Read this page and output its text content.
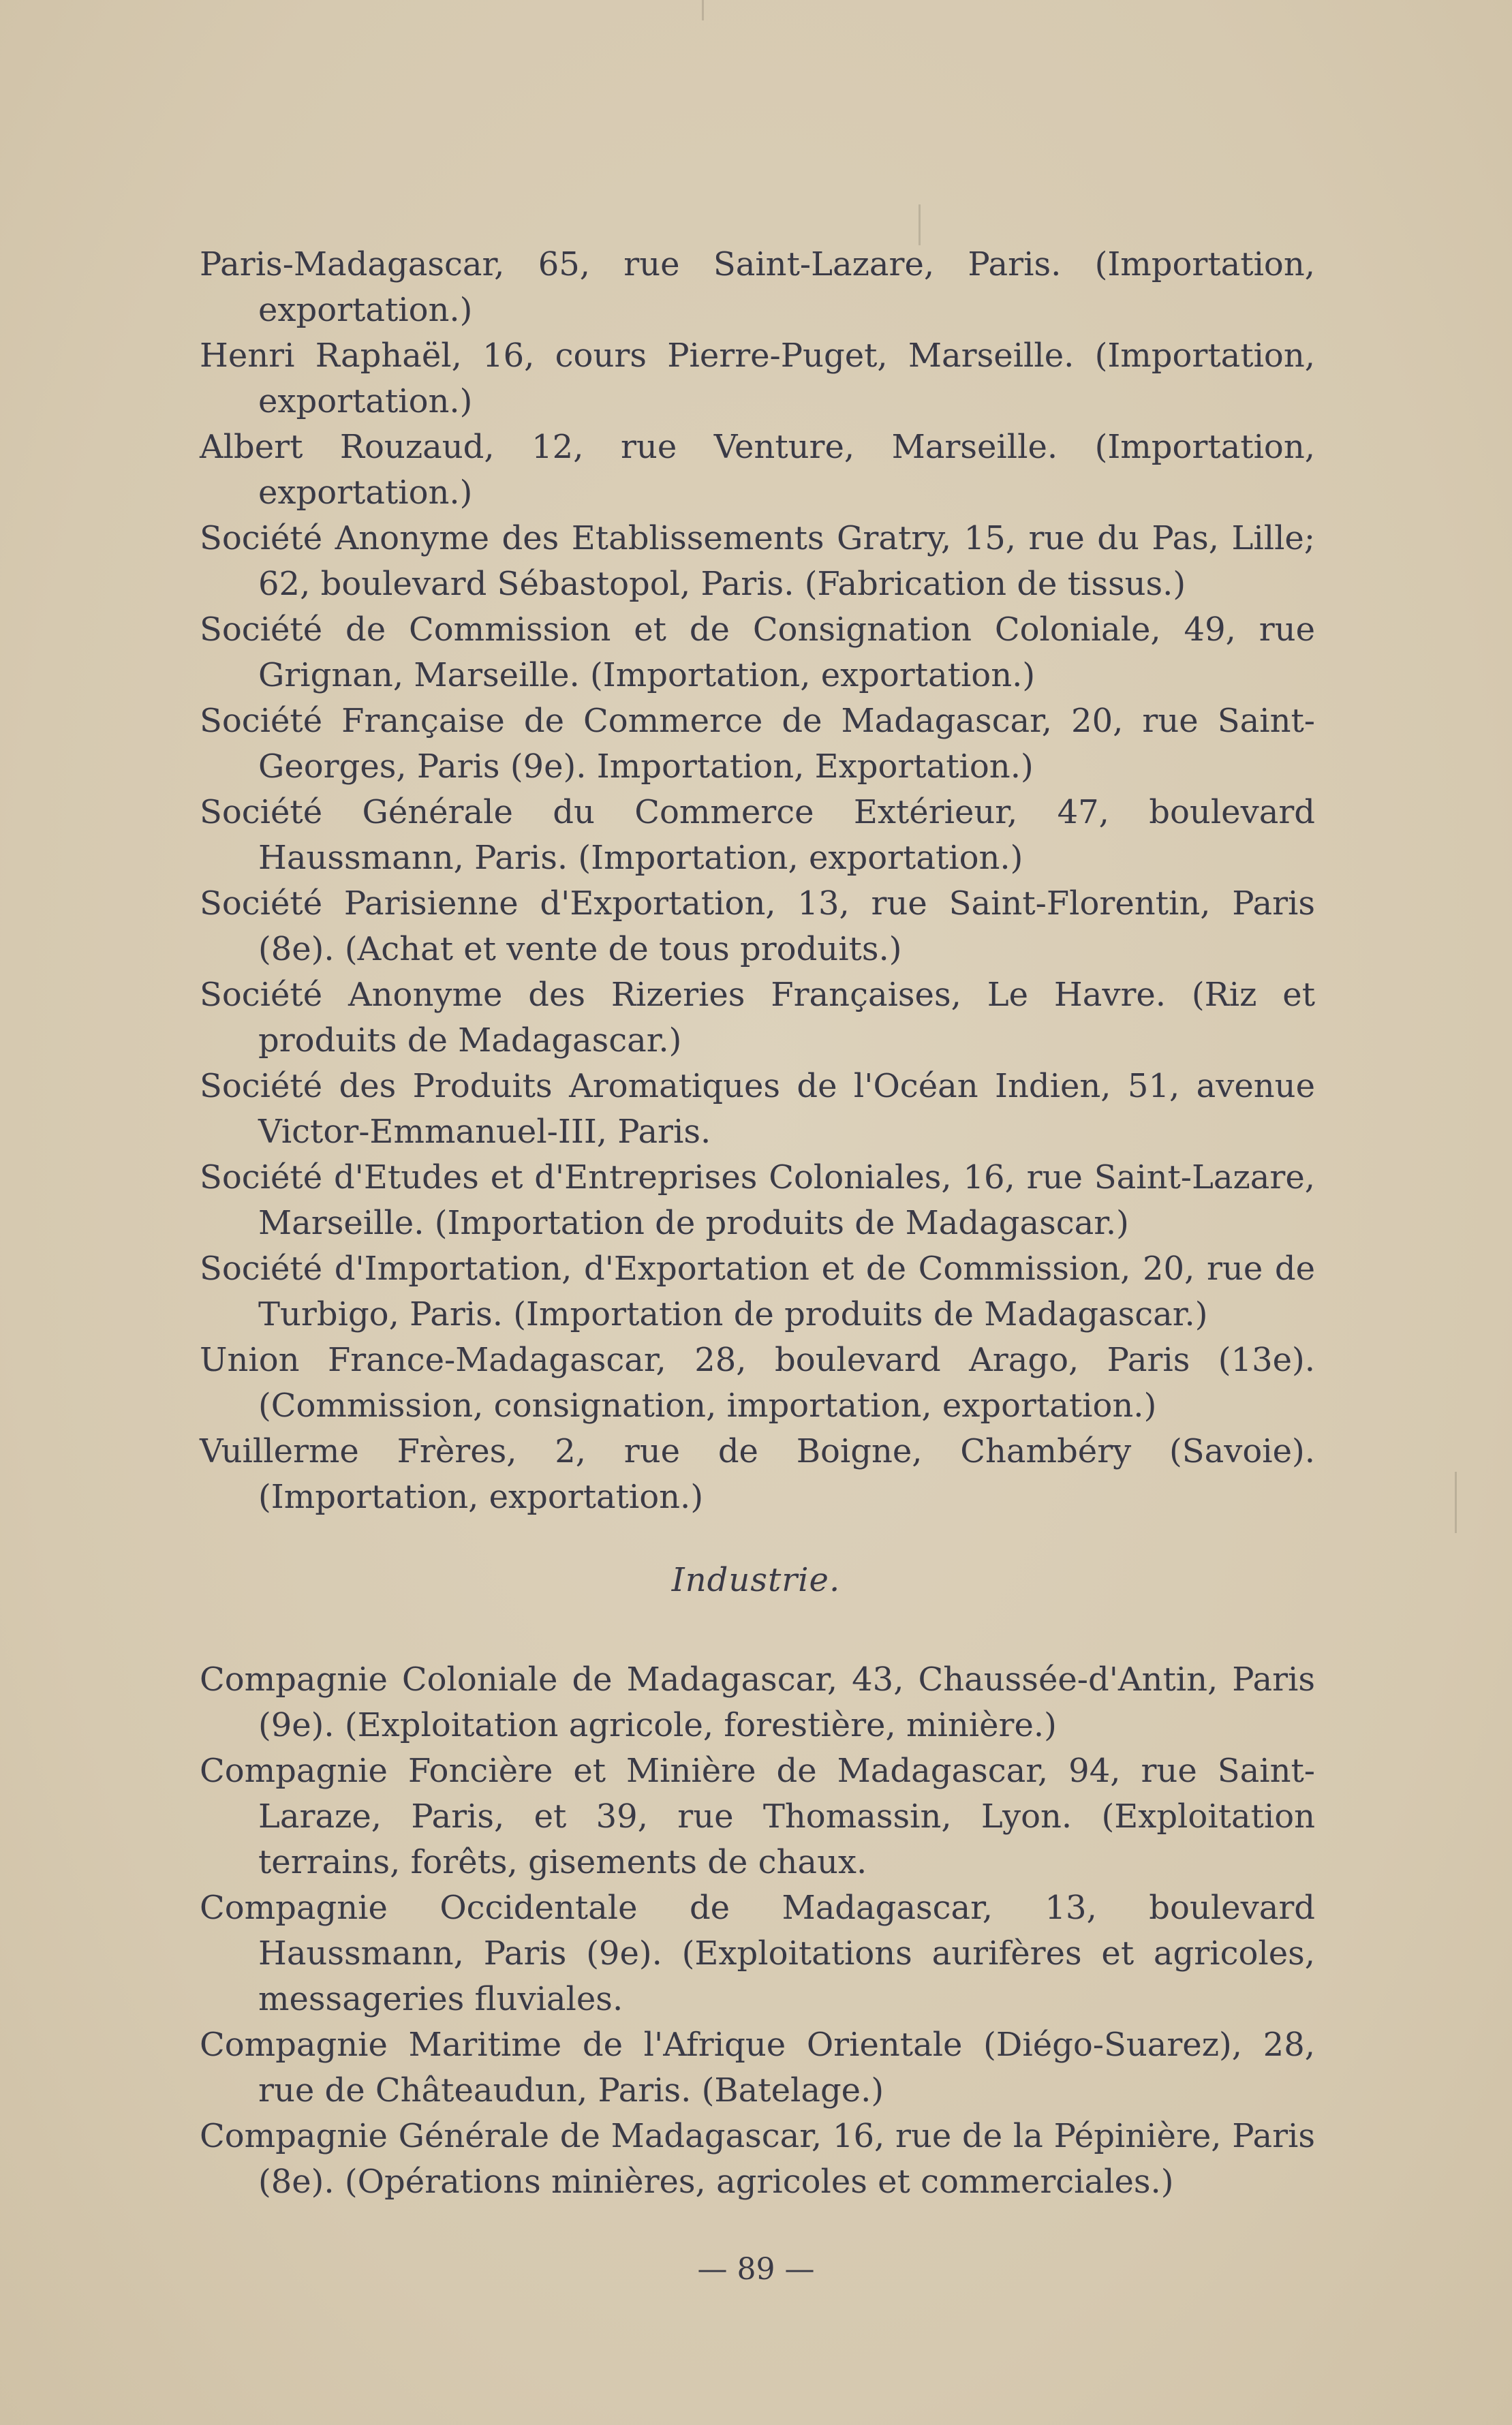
Paris-Madagascar, 65, rue Saint-Lazare, Paris. (Importation, exportation.)

Henri Raphaël, 16, cours Pierre-Puget, Marseille. (Importation, exportation.)

Albert Rouzaud, 12, rue Venture, Marseille. (Importation, exportation.)

Société Anonyme des Etablissements Gratry, 15, rue du Pas, Lille; 62, boulevard Sébastopol, Paris. (Fabrication de tissus.)

Société de Commission et de Consignation Coloniale, 49, rue Grignan, Marseille. (Importation, exportation.)

Société Française de Commerce de Madagascar, 20, rue Saint-Georges, Paris (9e). Importation, Exportation.)

Société Générale du Commerce Extérieur, 47, boulevard Haussmann, Paris. (Importation, exportation.)

Société Parisienne d'Exportation, 13, rue Saint-Florentin, Paris (8e). (Achat et vente de tous produits.)

Société Anonyme des Rizeries Françaises, Le Havre. (Riz et produits de Madagascar.)

Société des Produits Aromatiques de l'Océan Indien, 51, avenue Victor-Emmanuel-III, Paris.

Société d'Etudes et d'Entreprises Coloniales, 16, rue Saint-Lazare, Marseille. (Importation de produits de Madagascar.)

Société d'Importation, d'Exportation et de Commission, 20, rue de Turbigo, Paris. (Importation de produits de Madagascar.)

Union France-Madagascar, 28, boulevard Arago, Paris (13e). (Commission, consignation, importation, exportation.)

Vuillerme Frères, 2, rue de Boigne, Chambéry (Savoie). (Importation, exportation.)

Industrie.

Compagnie Coloniale de Madagascar, 43, Chaussée-d'Antin, Paris (9e). (Exploitation agricole, forestière, minière.)

Compagnie Foncière et Minière de Madagascar, 94, rue Saint-Laraze, Paris, et 39, rue Thomassin, Lyon. (Exploitation terrains, forêts, gisements de chaux.

Compagnie Occidentale de Madagascar, 13, boulevard Haussmann, Paris (9e). (Exploitations aurifères et agricoles, messageries fluviales.

Compagnie Maritime de l'Afrique Orientale (Diégo-Suarez), 28, rue de Châteaudun, Paris. (Batelage.)

Compagnie Générale de Madagascar, 16, rue de la Pépinière, Paris (8e). (Opérations minières, agricoles et commerciales.)

— 89 —
